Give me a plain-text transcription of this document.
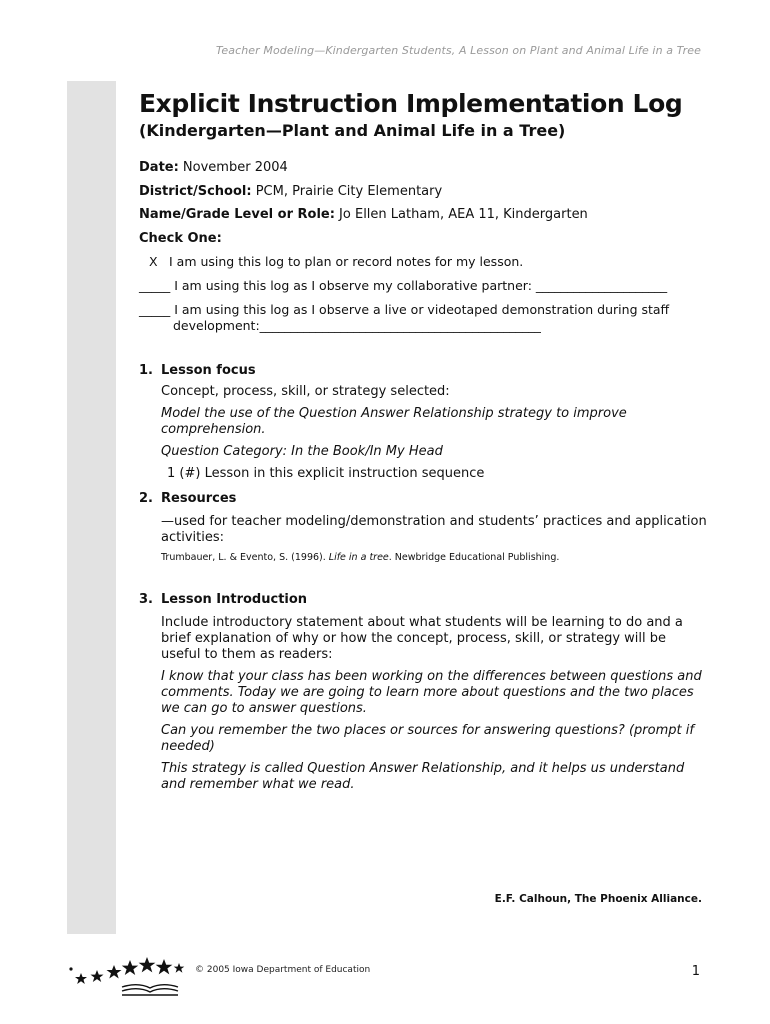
Teacher Modeling—Kindergarten Students, A Lesson on Plant and Animal Life in a Tree
Explicit Instruction Implementation Log
(Kindergarten—Plant and Animal Life in a Tree)
Date: November 2004
District/School: PCM, Prairie City Elementary
Name/Grade Level or Role: Jo Ellen Latham, AEA 11, Kindergarten
Check One:
X I am using this log to plan or record notes for my lesson.
_____ I am using this log as I observe my collaborative partner: _____________________
_____ I am using this log as I observe a live or videotaped demonstration during staff
development:_____________________________________________
1. Lesson focus

Concept, process, skill, or strategy selected:

Model the use of the Question Answer Relationship strategy to improve comprehension.

Question Category: In the Book/In My Head

1 (#) Lesson in this explicit instruction sequence

2. Resources

—used for teacher modeling/demonstration and students’ practices and application activities:

Trumbauer, L. & Evento, S. (1996). Life in a tree. Newbridge Educational Publishing.

3. Lesson Introduction

Include introductory statement about what students will be learning to do and a brief explanation of why or how the concept, process, skill, or strategy will be useful to them as readers:

I know that your class has been working on the differences between questions and comments. Today we are going to learn more about questions and the two places we can go to answer questions.

Can you remember the two places or sources for answering questions? (prompt if needed)

This strategy is called Question Answer Relationship, and it helps us understand and remember what we read.

E.F. Calhoun, The Phoenix Alliance.
© 2005 Iowa Department of Education	1
